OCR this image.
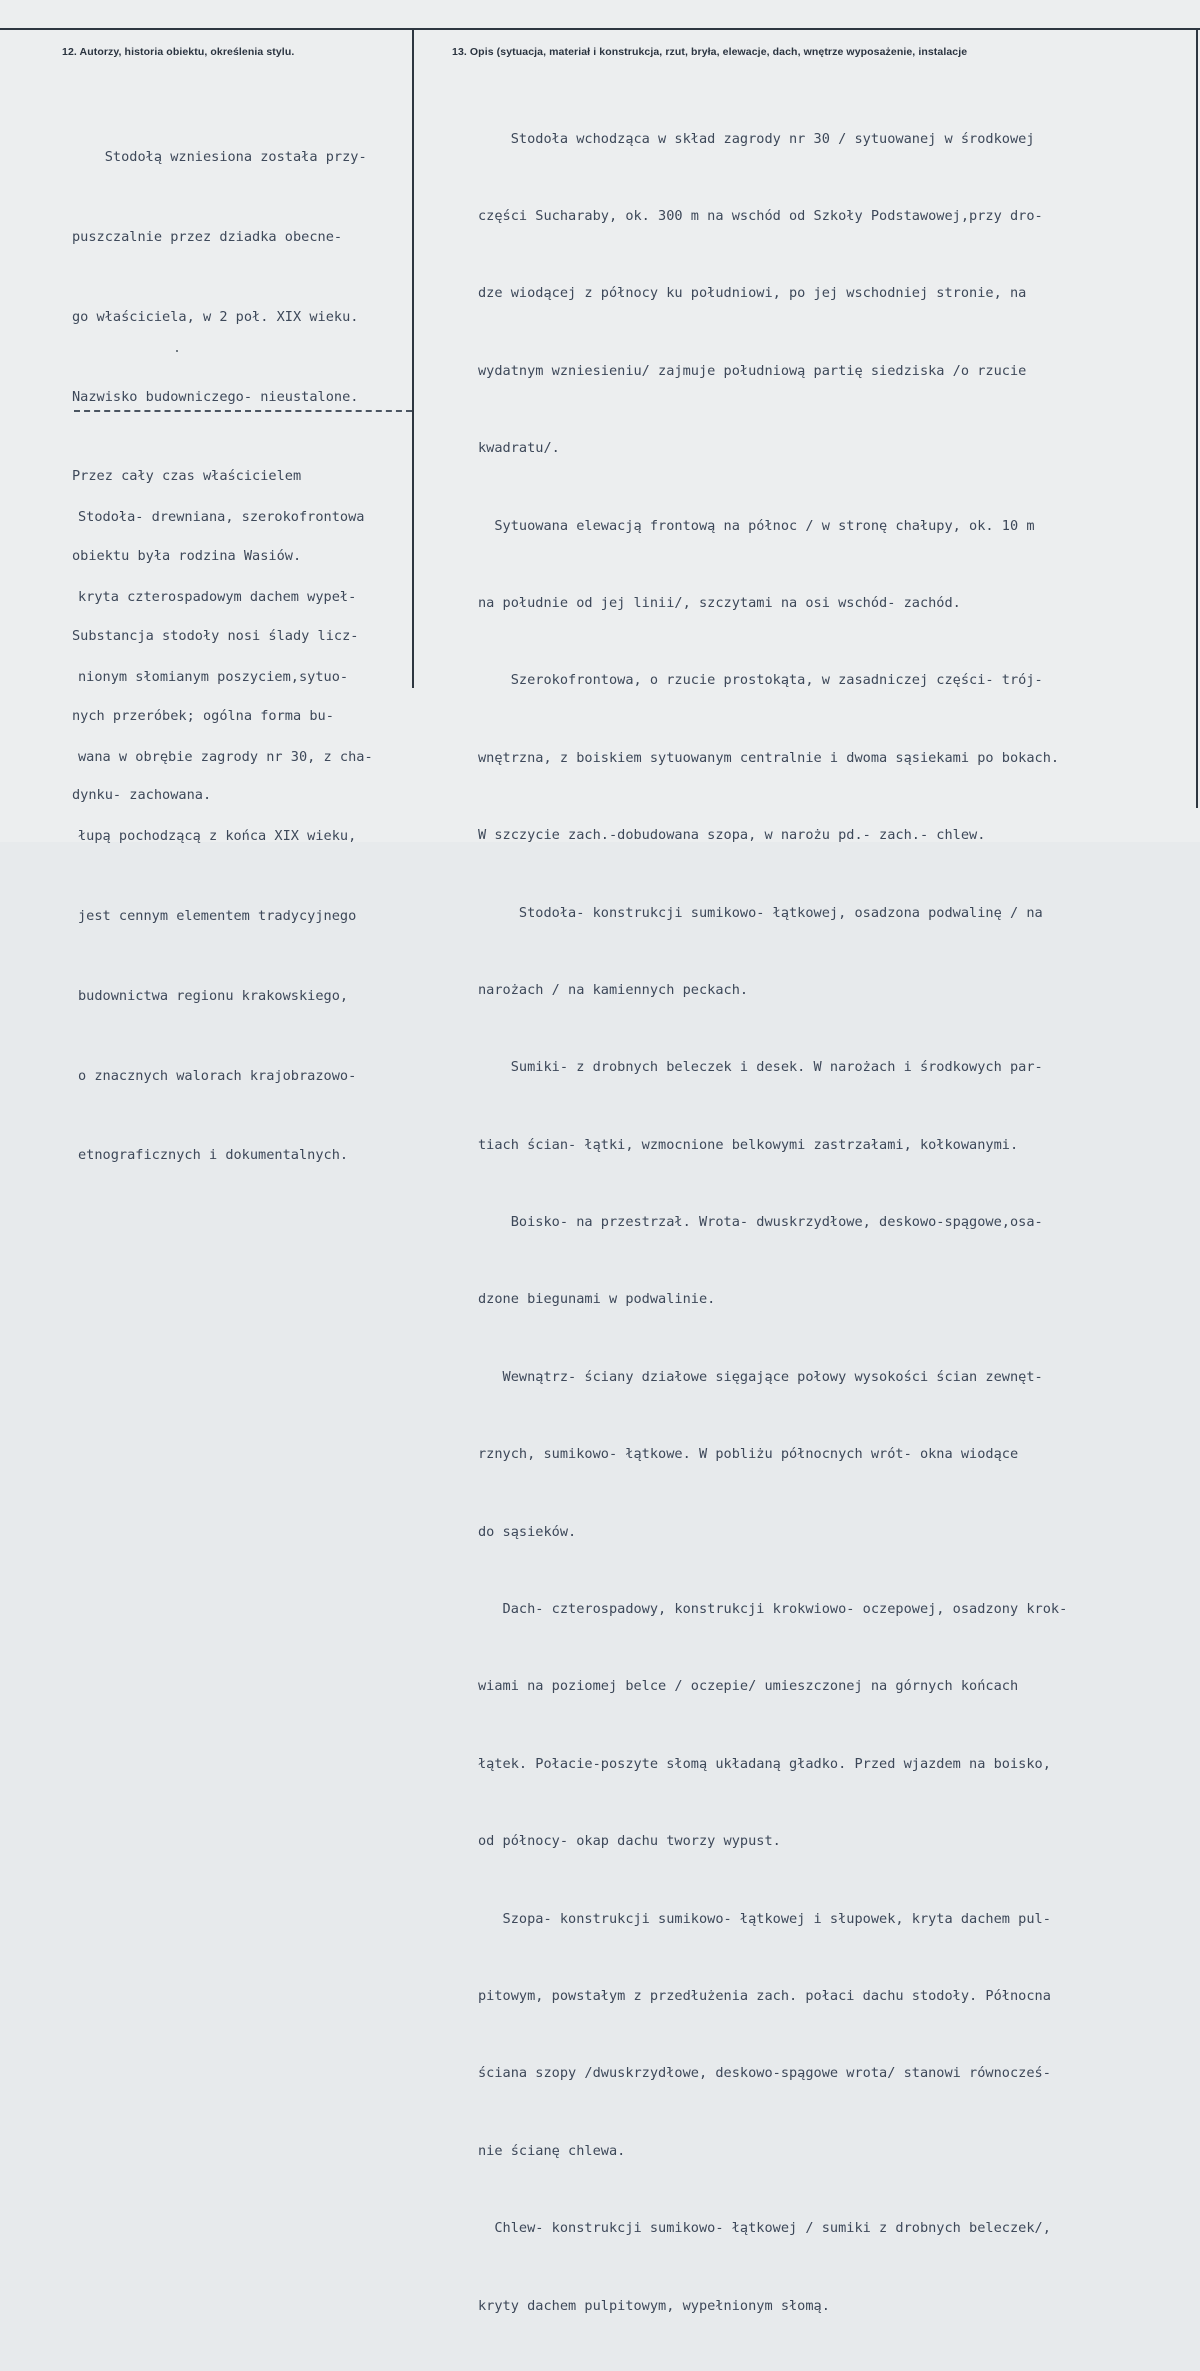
12. Autorzy, historia obiektu, określenia stylu.	13. Opis (sytuacja, materiał i konstrukcja, rzut, bryła, elewacje, dach, wnętrze wyposażenie, instalacje

Stodołą wzniesiona została przy-

puszczalnie przez dziadka obecne-

go właściciela, w 2 poł. XIX wieku.

Nazwisko budowniczego- nieustalone.

Przez cały czas właścicielem

obiektu była rodzina Wasiów.

Substancja stodoły nosi ślady licz-

nych przeróbek; ogólna forma bu-

dynku- zachowana.

Stodoła- drewniana, szerokofrontowa

kryta czterospadowym dachem wypeł-

nionym słomianym poszyciem,sytuo-

wana w obrębie zagrody nr 30, z cha-

łupą pochodzącą z końca XIX wieku,

jest cennym elementem tradycyjnego

budownictwa regionu krakowskiego,

o znacznych walorach krajobrazowo-

etnograficznych i dokumentalnych.

Stodoła wchodząca w skład zagrody nr 30 / sytuowanej w środkowej

części Sucharaby, ok. 300 m na wschód od Szkoły Podstawowej,przy dro-

dze wiodącej z północy ku południowi, po jej wschodniej stronie, na

wydatnym wzniesieniu/ zajmuje południową partię siedziska /o rzucie

kwadratu/.

Sytuowana elewacją frontową na północ / w stronę chałupy, ok. 10 m

na południe od jej linii/, szczytami na osi wschód- zachód.

Szerokofrontowa, o rzucie prostokąta, w zasadniczej części- trój-

wnętrzna, z boiskiem sytuowanym centralnie i dwoma sąsiekami po bokach.

W szczycie zach.-dobudowana szopa, w narożu pd.- zach.- chlew.

Stodoła- konstrukcji sumikowo- łątkowej, osadzona podwalinę / na

narożach / na kamiennych peckach.

Sumiki- z drobnych beleczek i desek. W narożach i środkowych par-

tiach ścian- łątki, wzmocnione belkowymi zastrzałami, kołkowanymi.

Boisko- na przestrzał. Wrota- dwuskrzydłowe, deskowo-spągowe,osa-

dzone biegunami w podwalinie.

Wewnątrz- ściany działowe sięgające połowy wysokości ścian zewnęt-

rznych, sumikowo- łątkowe. W pobliżu północnych wrót- okna wiodące

do sąsieków.

Dach- czterospadowy, konstrukcji krokwiowo- oczepowej, osadzony krok-

wiami na poziomej belce / oczepie/ umieszczonej na górnych końcach

łątek. Połacie-poszyte słomą układaną gładko. Przed wjazdem na boisko,

od północy- okap dachu tworzy wypust.

Szopa- konstrukcji sumikowo- łątkowej i słupowek, kryta dachem pul-

pitowym, powstałym z przedłużenia zach. połaci dachu stodoły. Północna

ściana szopy /dwuskrzydłowe, deskowo-spągowe wrota/ stanowi równocześ-

nie ścianę chlewa.

Chlew- konstrukcji sumikowo- łątkowej / sumiki z drobnych beleczek/,

kryty dachem pulpitowym, wypełnionym słomą.
